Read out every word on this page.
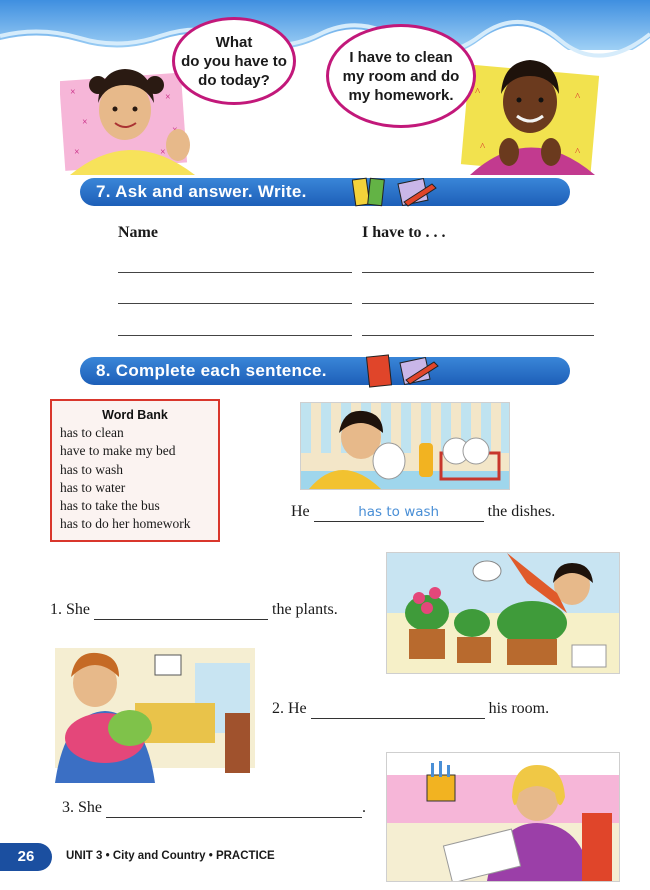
×
×
×
×
×
^	^
^	^
What
do you have to
do today?
I have to clean
my room and do
my homework.
7. Ask and answer. Write.
Name	I have to . . .
8. Complete each sentence.
Word Bank
has to clean
have to make my bed
has to wash
has to water
has to take the bus
has to do her homework
He	has to wash	the dishes.
1. She	the plants.
2. He	his room.
3. She	.
26	UNIT 3 • City and Country • PRACTICE
